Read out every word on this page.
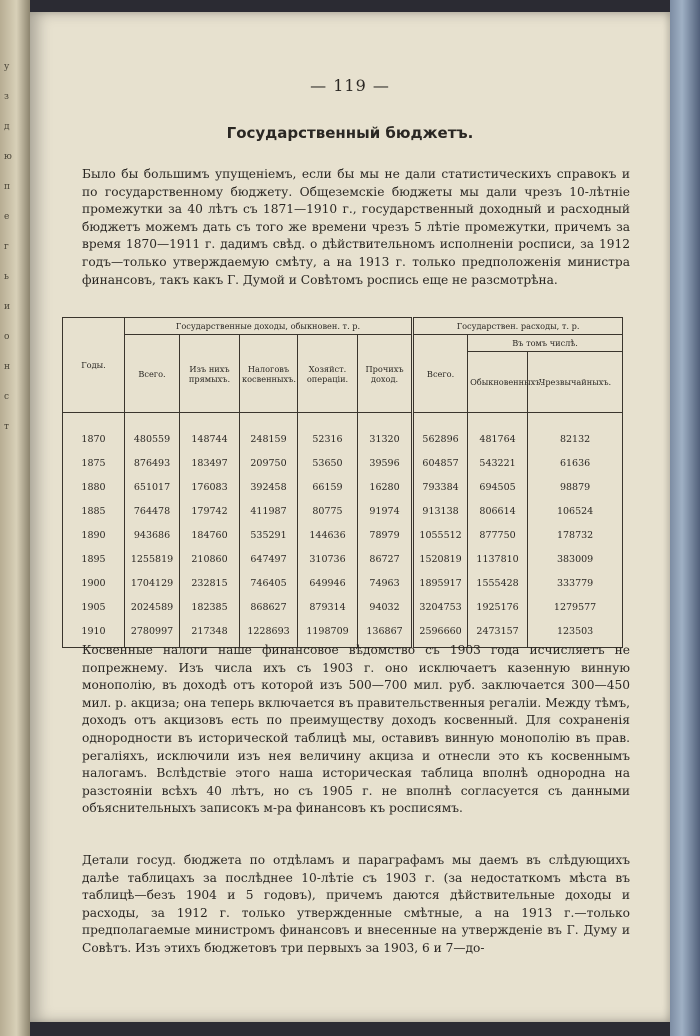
у
з
д
ю
п
е
г
ь
и
о
н
с
т
— 119 —
Государственный бюджетъ.

Было бы большимъ упущеніемъ, если бы мы не дали статистическихъ справокъ и по государственному бюджету. Общеземскіе бюджеты мы дали чрезъ 10-лѣтніе промежутки за 40 лѣтъ съ 1871—1910 г., государственный доходный и расходный бюджетъ можемъ дать съ того же времени чрезъ 5 лѣтіе промежутки, причемъ за время 1870—1911 г. дадимъ свѣд. о дѣйствительномъ исполненіи росписи, за 1912 годъ—только утверждаемую смѣту, а на 1913 г. только предположенія министра финансовъ, такъ какъ Г. Думой и Совѣтомъ роспись еще не разсмотрѣна.

Годы.	Государственные доходы, обыкновен. т. р.					Государствен. расходы, т. р.		
	Всего.	Изъ нихъ прямыхъ.	Налоговъ косвенныхъ.	Хозяйст. операціи.	Прочихъ доход.	Всего.	Въ томъ числѣ.	
							Обыкновенныхъ.	Чрезвычайныхъ.
1870	480559	148744	248159	52316	31320	562896	481764	82132
1875	876493	183497	209750	53650	39596	604857	543221	61636
1880	651017	176083	392458	66159	16280	793384	694505	98879
1885	764478	179742	411987	80775	91974	913138	806614	106524
1890	943686	184760	535291	144636	78979	1055512	877750	178732
1895	1255819	210860	647497	310736	86727	1520819	1137810	383009
1900	1704129	232815	746405	649946	74963	1895917	1555428	333779
1905	2024589	182385	868627	879314	94032	3204753	1925176	1279577
1910	2780997	217348	1228693	1198709	136867	2596660	2473157	123503

Косвенные налоги наше финансовое вѣдомство съ 1903 года исчисляетъ не попрежнему. Изъ числа ихъ съ 1903 г. оно исключаетъ казенную винную монополію, въ доходѣ отъ которой изъ 500—700 мил. руб. заключается 300—450 мил. р. акциза; она теперь включается въ правительственныя регаліи. Между тѣмъ, доходъ отъ акцизовъ есть по преимуществу доходъ косвенный. Для сохраненія однородности въ исторической таблицѣ мы, оставивъ винную монополію въ прав. регаліяхъ, исключили изъ нея величину акциза и отнесли это къ косвеннымъ налогамъ. Вслѣдствіе этого наша историческая таблица вполнѣ однородна на разстояніи всѣхъ 40 лѣтъ, но съ 1905 г. не вполнѣ согласуется съ данными объяснительныхъ записокъ м-ра финансовъ къ росписямъ.

Детали госуд. бюджета по отдѣламъ и параграфамъ мы даемъ въ слѣдующихъ далѣе таблицахъ за послѣднее 10-лѣтіе съ 1903 г. (за недостаткомъ мѣста въ таблицѣ—безъ 1904 и 5 годовъ), причемъ даются дѣйствительные доходы и расходы, за 1912 г. только утвержденные смѣтные, а на 1913 г.—только предполагаемые министромъ финансовъ и внесенные на утвержденіе въ Г. Думу и Совѣтъ. Изъ этихъ бюджетовъ три первыхъ за 1903, 6 и 7—до-
